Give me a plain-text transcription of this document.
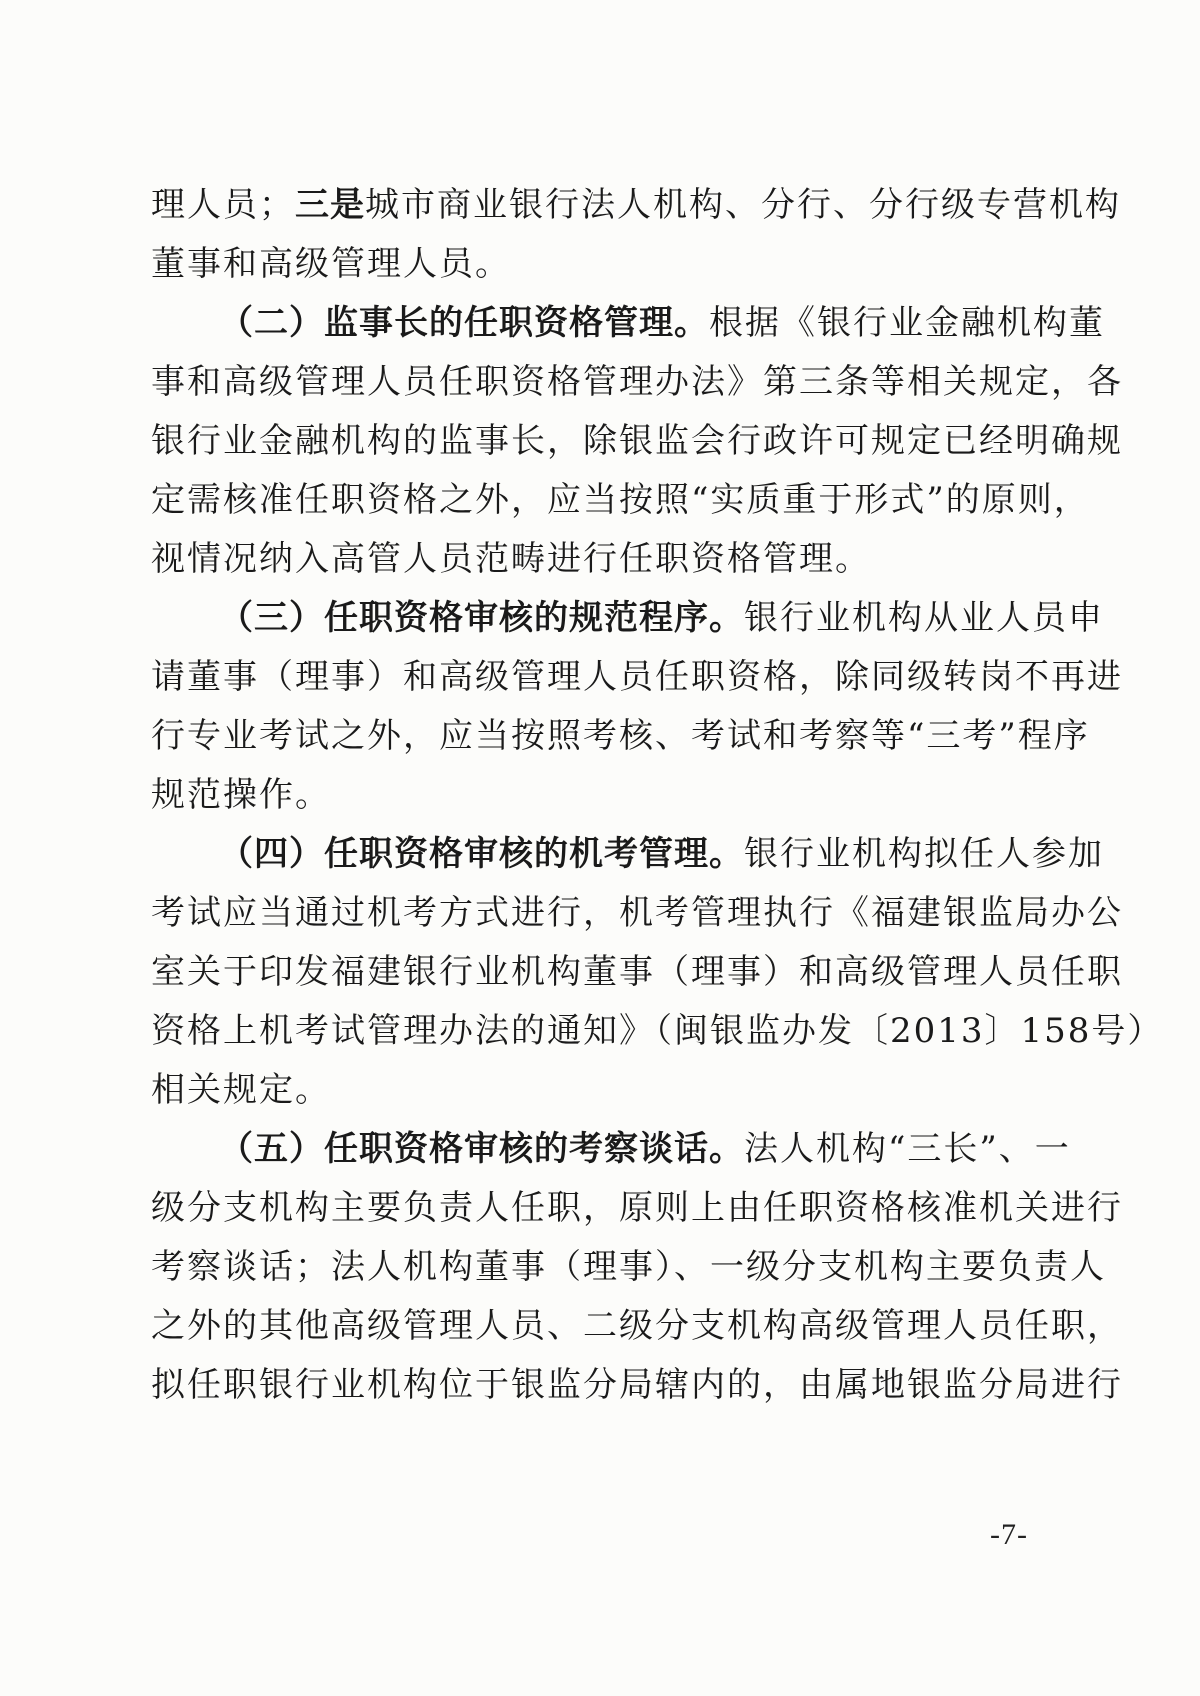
理人员；三是城市商业银行法人机构、分行、分行级专营机构
董事和高级管理人员。
（二）监事长的任职资格管理。根据《银行业金融机构董
事和高级管理人员任职资格管理办法》第三条等相关规定，各
银行业金融机构的监事长，除银监会行政许可规定已经明确规
定需核准任职资格之外，应当按照“实质重于形式”的原则，
视情况纳入高管人员范畴进行任职资格管理。
（三）任职资格审核的规范程序。银行业机构从业人员申
请董事（理事）和高级管理人员任职资格，除同级转岗不再进
行专业考试之外，应当按照考核、考试和考察等“三考”程序
规范操作。
（四）任职资格审核的机考管理。银行业机构拟任人参加
考试应当通过机考方式进行，机考管理执行《福建银监局办公
室关于印发福建银行业机构董事（理事）和高级管理人员任职
资格上机考试管理办法的通知》（闽银监办发〔2013〕158号）
相关规定。
（五）任职资格审核的考察谈话。法人机构“三长”、一
级分支机构主要负责人任职，原则上由任职资格核准机关进行
考察谈话；法人机构董事（理事）、一级分支机构主要负责人
之外的其他高级管理人员、二级分支机构高级管理人员任职，
拟任职银行业机构位于银监分局辖内的，由属地银监分局进行
-7-
